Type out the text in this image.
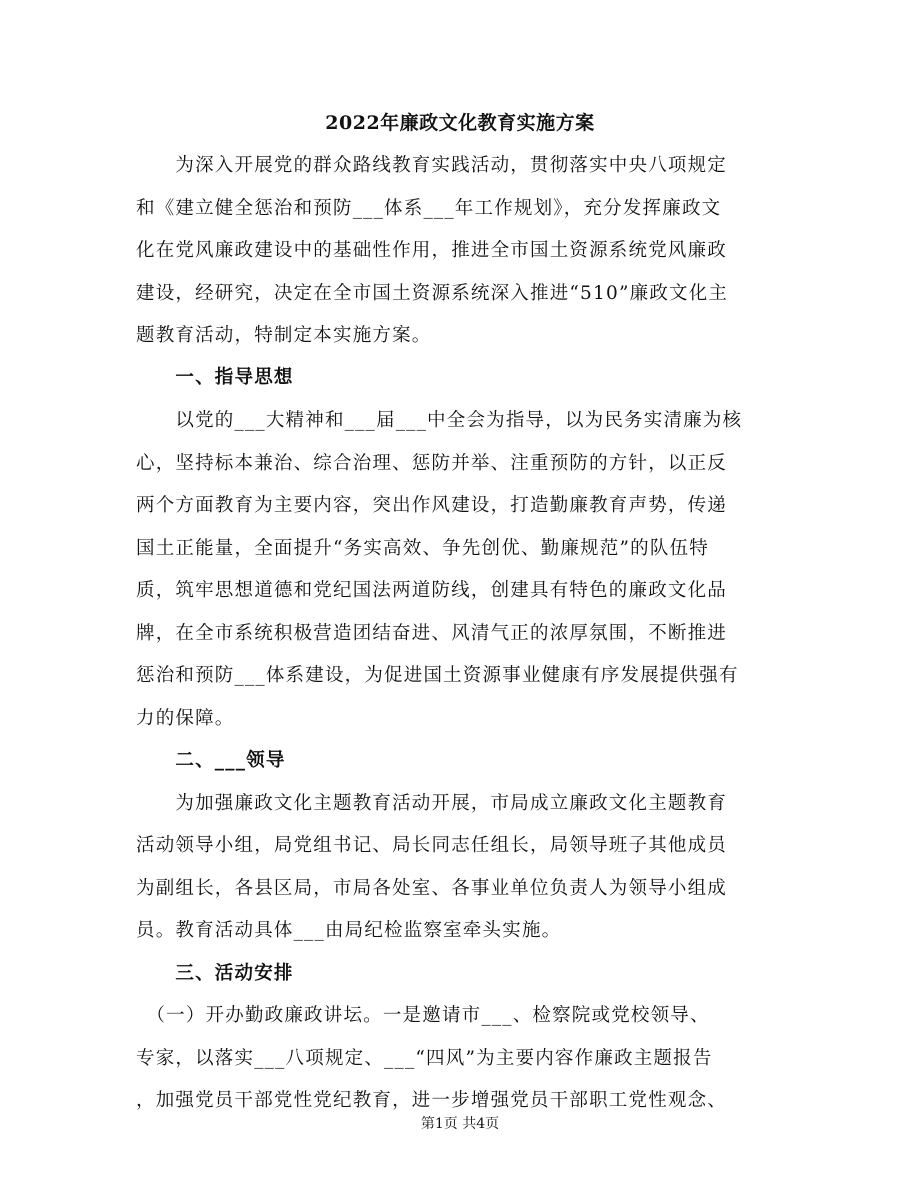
2022年廉政文化教育实施方案
　　为深入开展党的群众路线教育实践活动，贯彻落实中央八项规定
和《建立健全惩治和预防___体系___年工作规划》，充分发挥廉政文
化在党风廉政建设中的基础性作用，推进全市国土资源系统党风廉政
建设，经研究，决定在全市国土资源系统深入推进“510”廉政文化主
题教育活动，特制定本实施方案。
　　一、指导思想
　　以党的___大精神和___届___中全会为指导，以为民务实清廉为核
心，坚持标本兼治、综合治理、惩防并举、注重预防的方针，以正反
两个方面教育为主要内容，突出作风建设，打造勤廉教育声势，传递
国土正能量，全面提升“务实高效、争先创优、勤廉规范”的队伍特
质，筑牢思想道德和党纪国法两道防线，创建具有特色的廉政文化品
牌，在全市系统积极营造团结奋进、风清气正的浓厚氛围，不断推进
惩治和预防___体系建设，为促进国土资源事业健康有序发展提供强有
力的保障。
　　二、___领导
　　为加强廉政文化主题教育活动开展，市局成立廉政文化主题教育
活动领导小组，局党组书记、局长同志任组长，局领导班子其他成员
为副组长，各县区局，市局各处室、各事业单位负责人为领导小组成
员。教育活动具体___由局纪检监察室牵头实施。
　　三、活动安排
　（一）开办勤政廉政讲坛。一是邀请市___、检察院或党校领导、
专家，以落实___八项规定、___“四风”为主要内容作廉政主题报告
，加强党员干部党性党纪教育，进一步增强党员干部职工党性观念、
第1页 共4页
